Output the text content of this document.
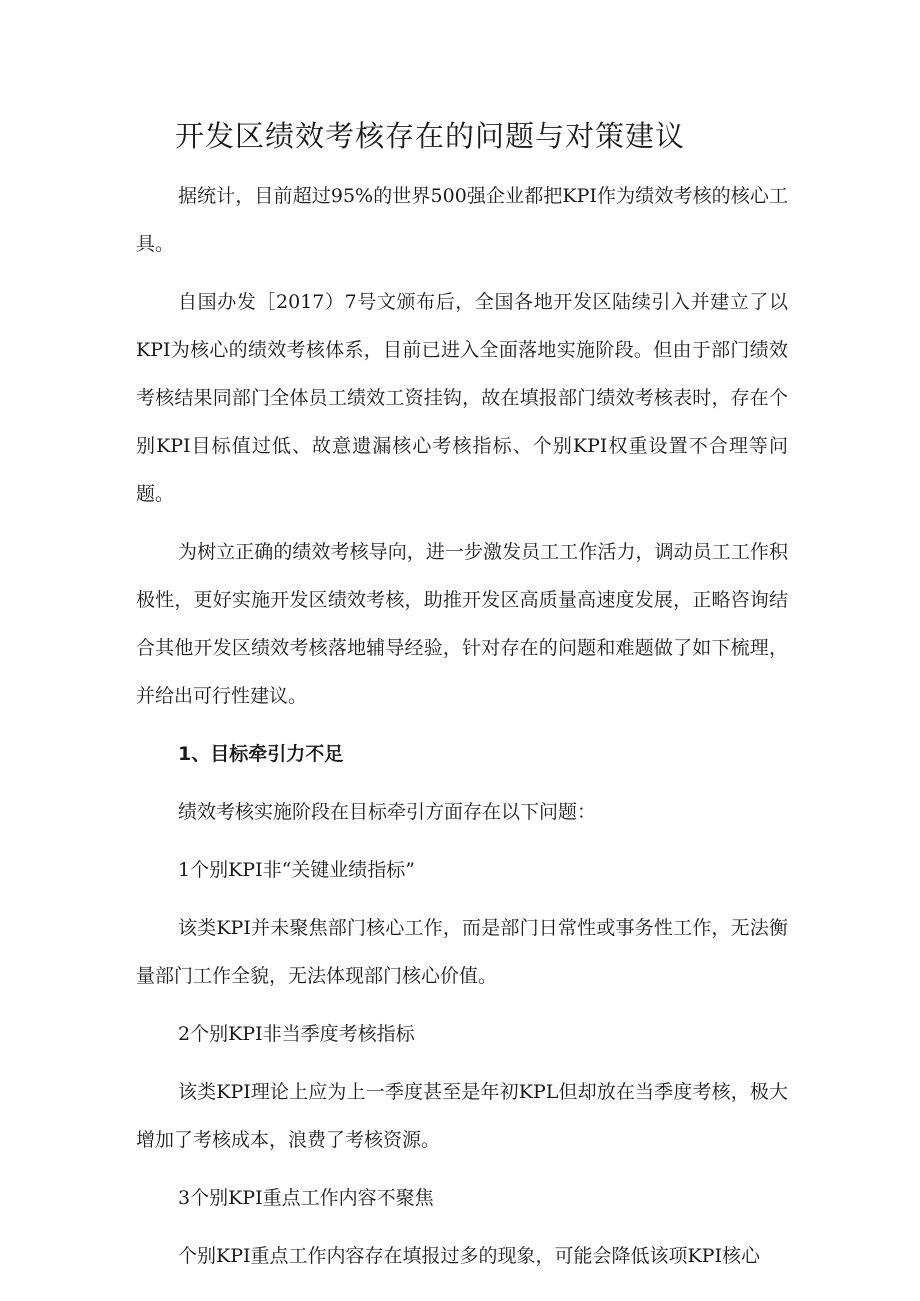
开发区绩效考核存在的问题与对策建议

据统计，目前超过95%的世界500强企业都把KPI作为绩效考核的核心工具。

自国办发［2017）7号文颁布后，全国各地开发区陆续引入并建立了以KPI为核心的绩效考核体系，目前已进入全面落地实施阶段。但由于部门绩效考核结果同部门全体员工绩效工资挂钩，故在填报部门绩效考核表时，存在个别KPI目标值过低、故意遗漏核心考核指标、个别KPI权重设置不合理等问题。

为树立正确的绩效考核导向，进一步激发员工工作活力，调动员工工作积极性，更好实施开发区绩效考核，助推开发区高质量高速度发展，正略咨询结合其他开发区绩效考核落地辅导经验，针对存在的问题和难题做了如下梳理，并给出可行性建议。

1、目标牵引力不足

绩效考核实施阶段在目标牵引方面存在以下问题：

1个别KPI非“关键业绩指标”

该类KPI并未聚焦部门核心工作，而是部门日常性或事务性工作，无法衡量部门工作全貌，无法体现部门核心价值。

2个别KPI非当季度考核指标

该类KPI理论上应为上一季度甚至是年初KPL但却放在当季度考核，极大增加了考核成本，浪费了考核资源。

3个别KPI重点工作内容不聚焦

个别KPI重点工作内容存在填报过多的现象，可能会降低该项KPI核心
